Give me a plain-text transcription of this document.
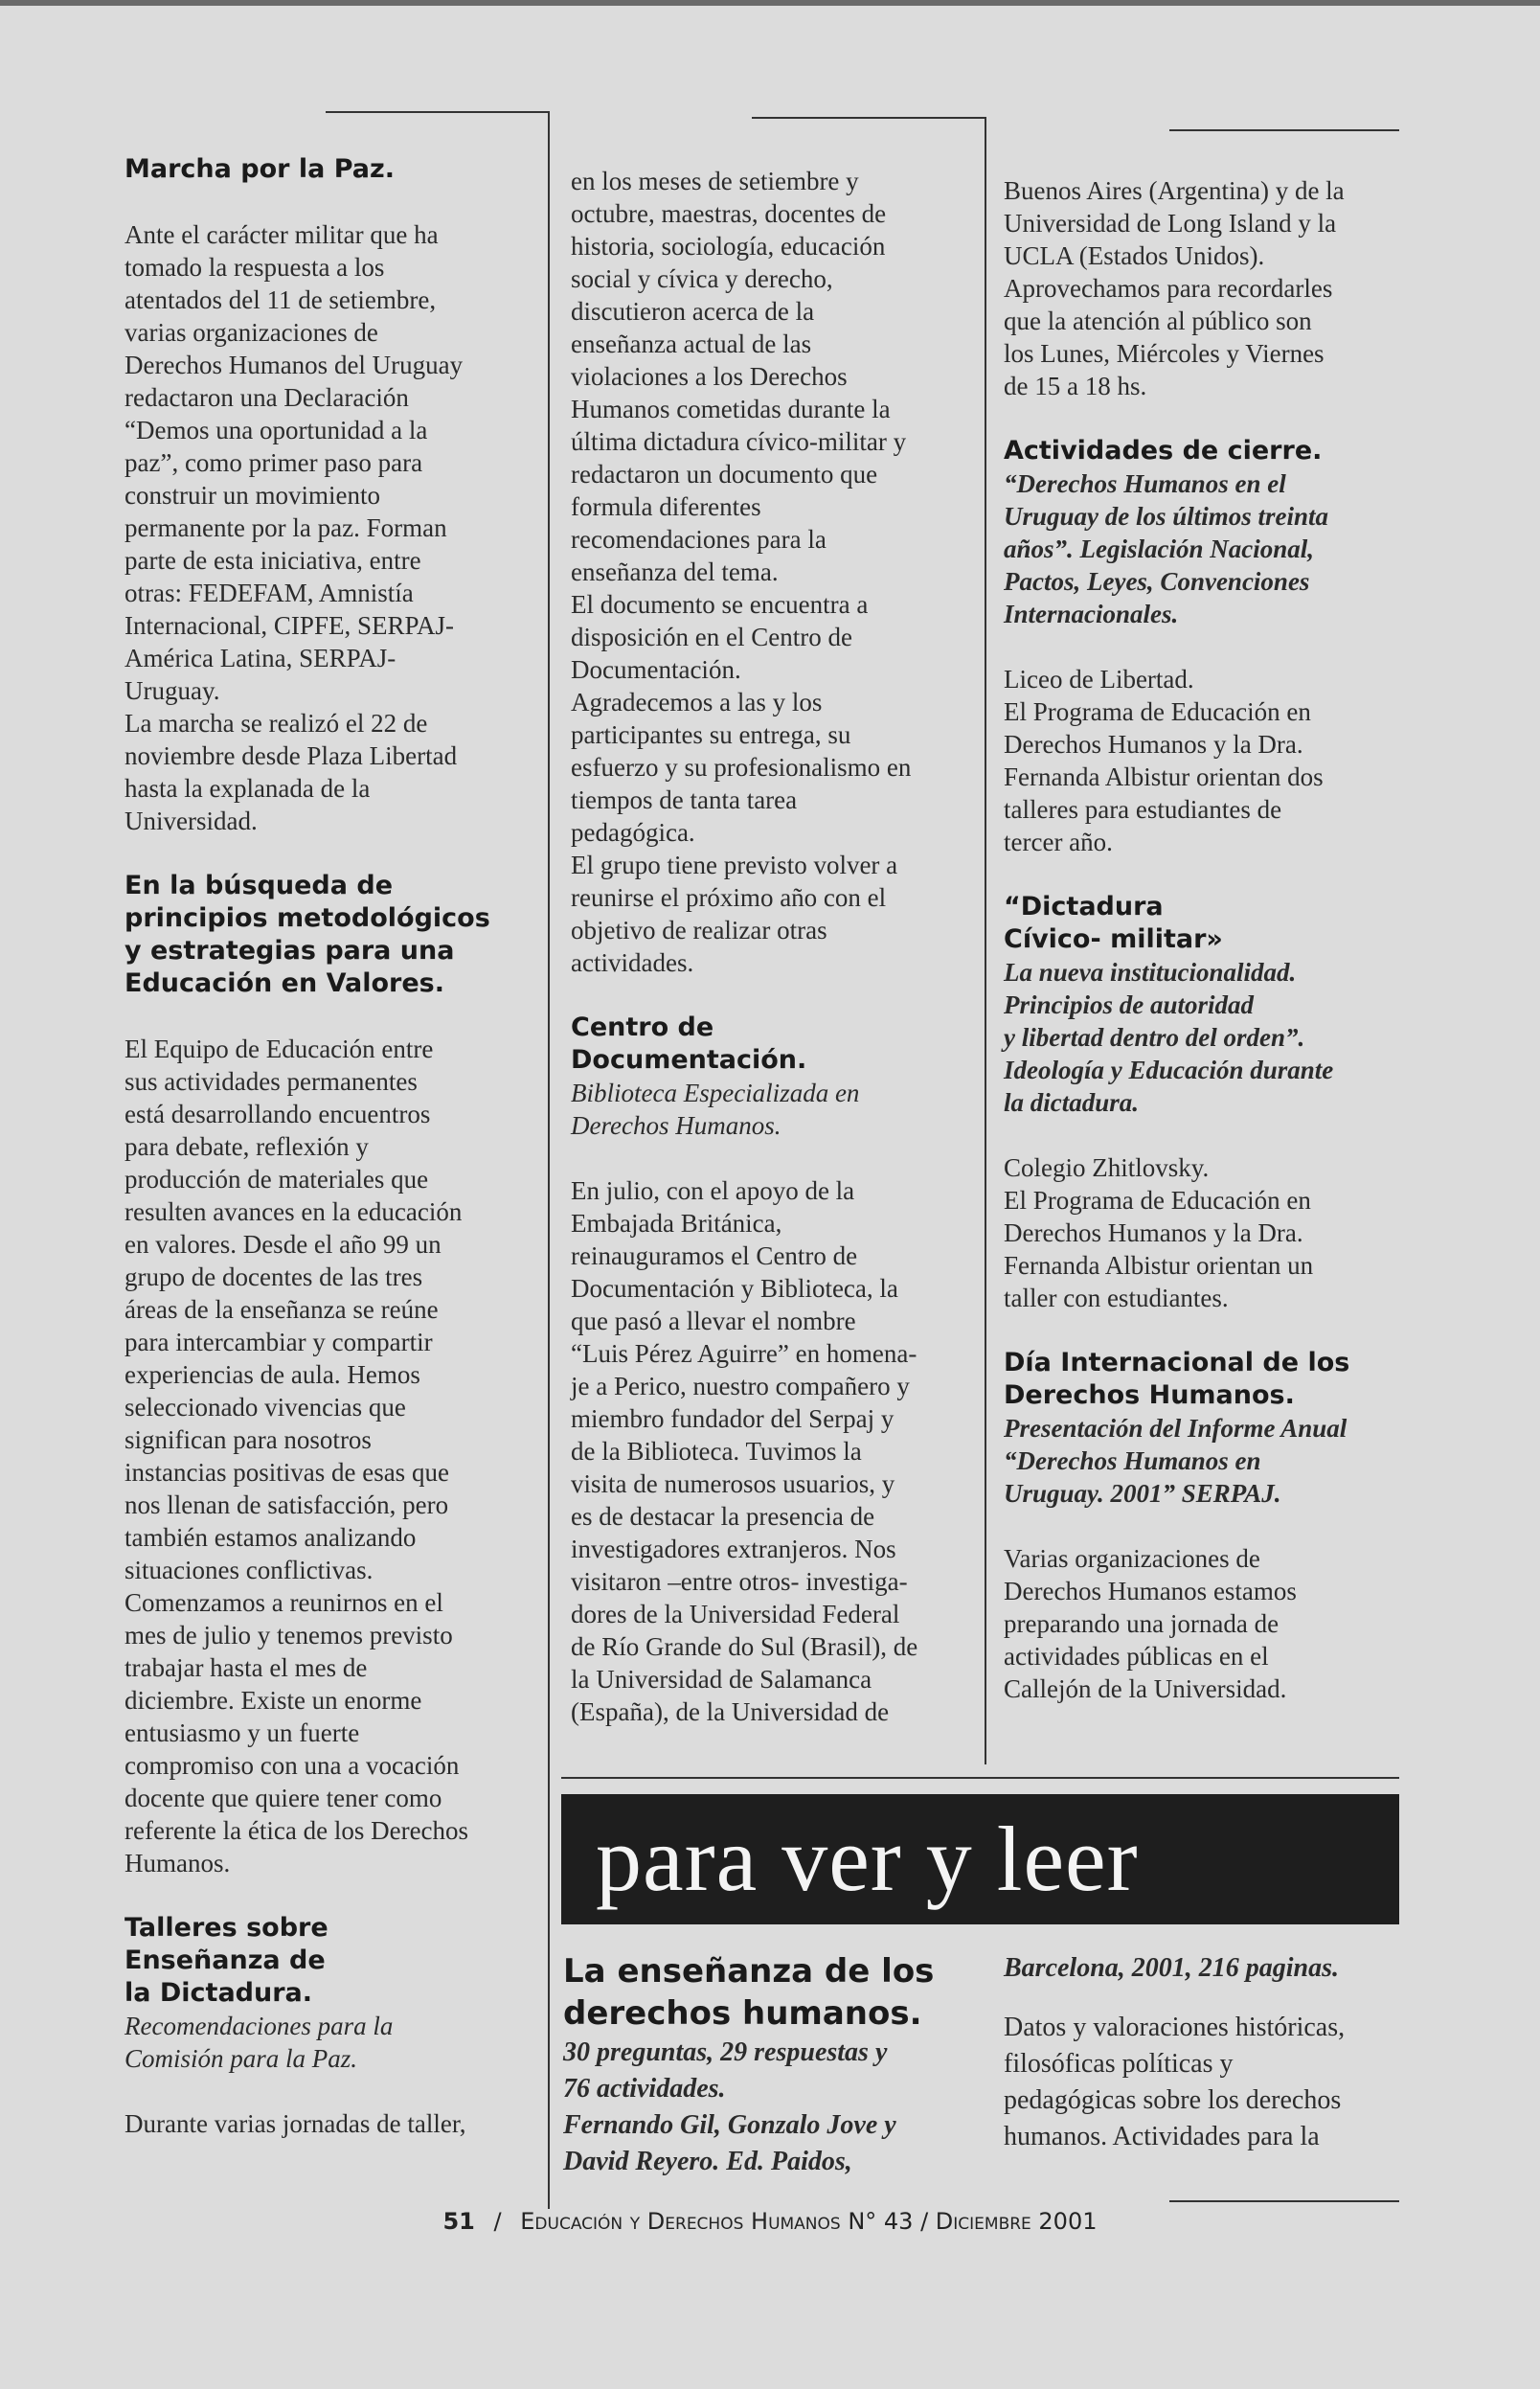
Marcha por la Paz.

Ante el carácter militar que ha

tomado la respuesta a los

atentados del 11 de setiembre,

varias organizaciones de

Derechos Humanos del Uruguay

redactaron una Declaración

“Demos una oportunidad a la

paz”, como primer paso para

construir un movimiento

permanente por la paz. Forman

parte de esta iniciativa, entre

otras: FEDEFAM, Amnistía

Internacional, CIPFE, SERPAJ-

América Latina, SERPAJ-

Uruguay.

La marcha se realizó el 22 de

noviembre desde Plaza Libertad

hasta la explanada de la

Universidad.

En la búsqueda de

principios metodológicos

y estrategias para una

Educación en Valores.

El Equipo de Educación entre

sus actividades permanentes

está desarrollando encuentros

para debate, reflexión y

producción de materiales que

resulten avances en la educación

en valores. Desde el año 99 un

grupo de docentes de las tres

áreas de la enseñanza se reúne

para intercambiar y compartir

experiencias de aula. Hemos

seleccionado vivencias que

significan para nosotros

instancias positivas de esas que

nos llenan de satisfacción, pero

también estamos analizando

situaciones conflictivas.

Comenzamos a reunirnos en el

mes de julio y tenemos previsto

trabajar hasta el mes de

diciembre. Existe un enorme

entusiasmo y un fuerte

compromiso con una a vocación

docente que quiere tener como

referente la ética de los Derechos

Humanos.

Talleres sobre

Enseñanza de

la Dictadura.

Recomendaciones para la

Comisión para la Paz.

Durante varias jornadas de taller,

en los meses de setiembre y

octubre, maestras, docentes de

historia, sociología, educación

social y cívica y derecho,

discutieron acerca de la

enseñanza actual de las

violaciones a los Derechos

Humanos cometidas durante la

última dictadura cívico-militar y

redactaron un documento que

formula diferentes

recomendaciones para la

enseñanza del tema.

El documento se encuentra a

disposición en el Centro de

Documentación.

Agradecemos a las y los

participantes su entrega, su

esfuerzo y su profesionalismo en

tiempos de tanta tarea

pedagógica.

El grupo tiene previsto volver a

reunirse el próximo año con el

objetivo de realizar otras

actividades.

Centro de

Documentación.

Biblioteca Especializada en

Derechos Humanos.

En julio, con el apoyo de la

Embajada Británica,

reinauguramos el Centro de

Documentación y Biblioteca, la

que pasó a llevar el nombre

“Luis Pérez Aguirre” en homena-

je a Perico, nuestro compañero y

miembro fundador del Serpaj y

de la Biblioteca. Tuvimos la

visita de numerosos usuarios, y

es de destacar la presencia de

investigadores extranjeros. Nos

visitaron –entre otros- investiga-

dores de la Universidad Federal

de Río Grande do Sul (Brasil), de

la Universidad de Salamanca

(España), de la Universidad de

Buenos Aires (Argentina) y de la

Universidad de Long Island y la

UCLA (Estados Unidos).

Aprovechamos para recordarles

que la atención al público son

los Lunes, Miércoles y Viernes

de 15 a 18 hs.

Actividades de cierre.

“Derechos Humanos en el

Uruguay de los últimos treinta

años”. Legislación Nacional,

Pactos, Leyes, Convenciones

Internacionales.

Liceo de Libertad.

El Programa de Educación en

Derechos Humanos y la Dra.

Fernanda Albistur orientan dos

talleres para estudiantes de

tercer año.

“Dictadura

Cívico- militar»

La nueva institucionalidad.

Principios de autoridad

y libertad dentro del orden”.

Ideología y Educación durante

la dictadura.

Colegio Zhitlovsky.

El Programa de Educación en

Derechos Humanos y la Dra.

Fernanda Albistur orientan un

taller con estudiantes.

Día Internacional de los

Derechos Humanos.

Presentación del Informe Anual

“Derechos Humanos en

Uruguay. 2001” SERPAJ.

Varias organizaciones de

Derechos Humanos estamos

preparando una jornada de

actividades públicas en el

Callejón de la Universidad.

para ver y leer

La enseñanza de los

derechos humanos.

30 preguntas, 29 respuestas y

76 actividades.

Fernando Gil, Gonzalo Jove y

David Reyero. Ed. Paidos,

Barcelona, 2001, 216 paginas.

Datos y valoraciones históricas,

filosóficas políticas y

pedagógicas sobre los derechos

humanos. Actividades para la

51 / Educación y Derechos Humanos N° 43 / Diciembre 2001
